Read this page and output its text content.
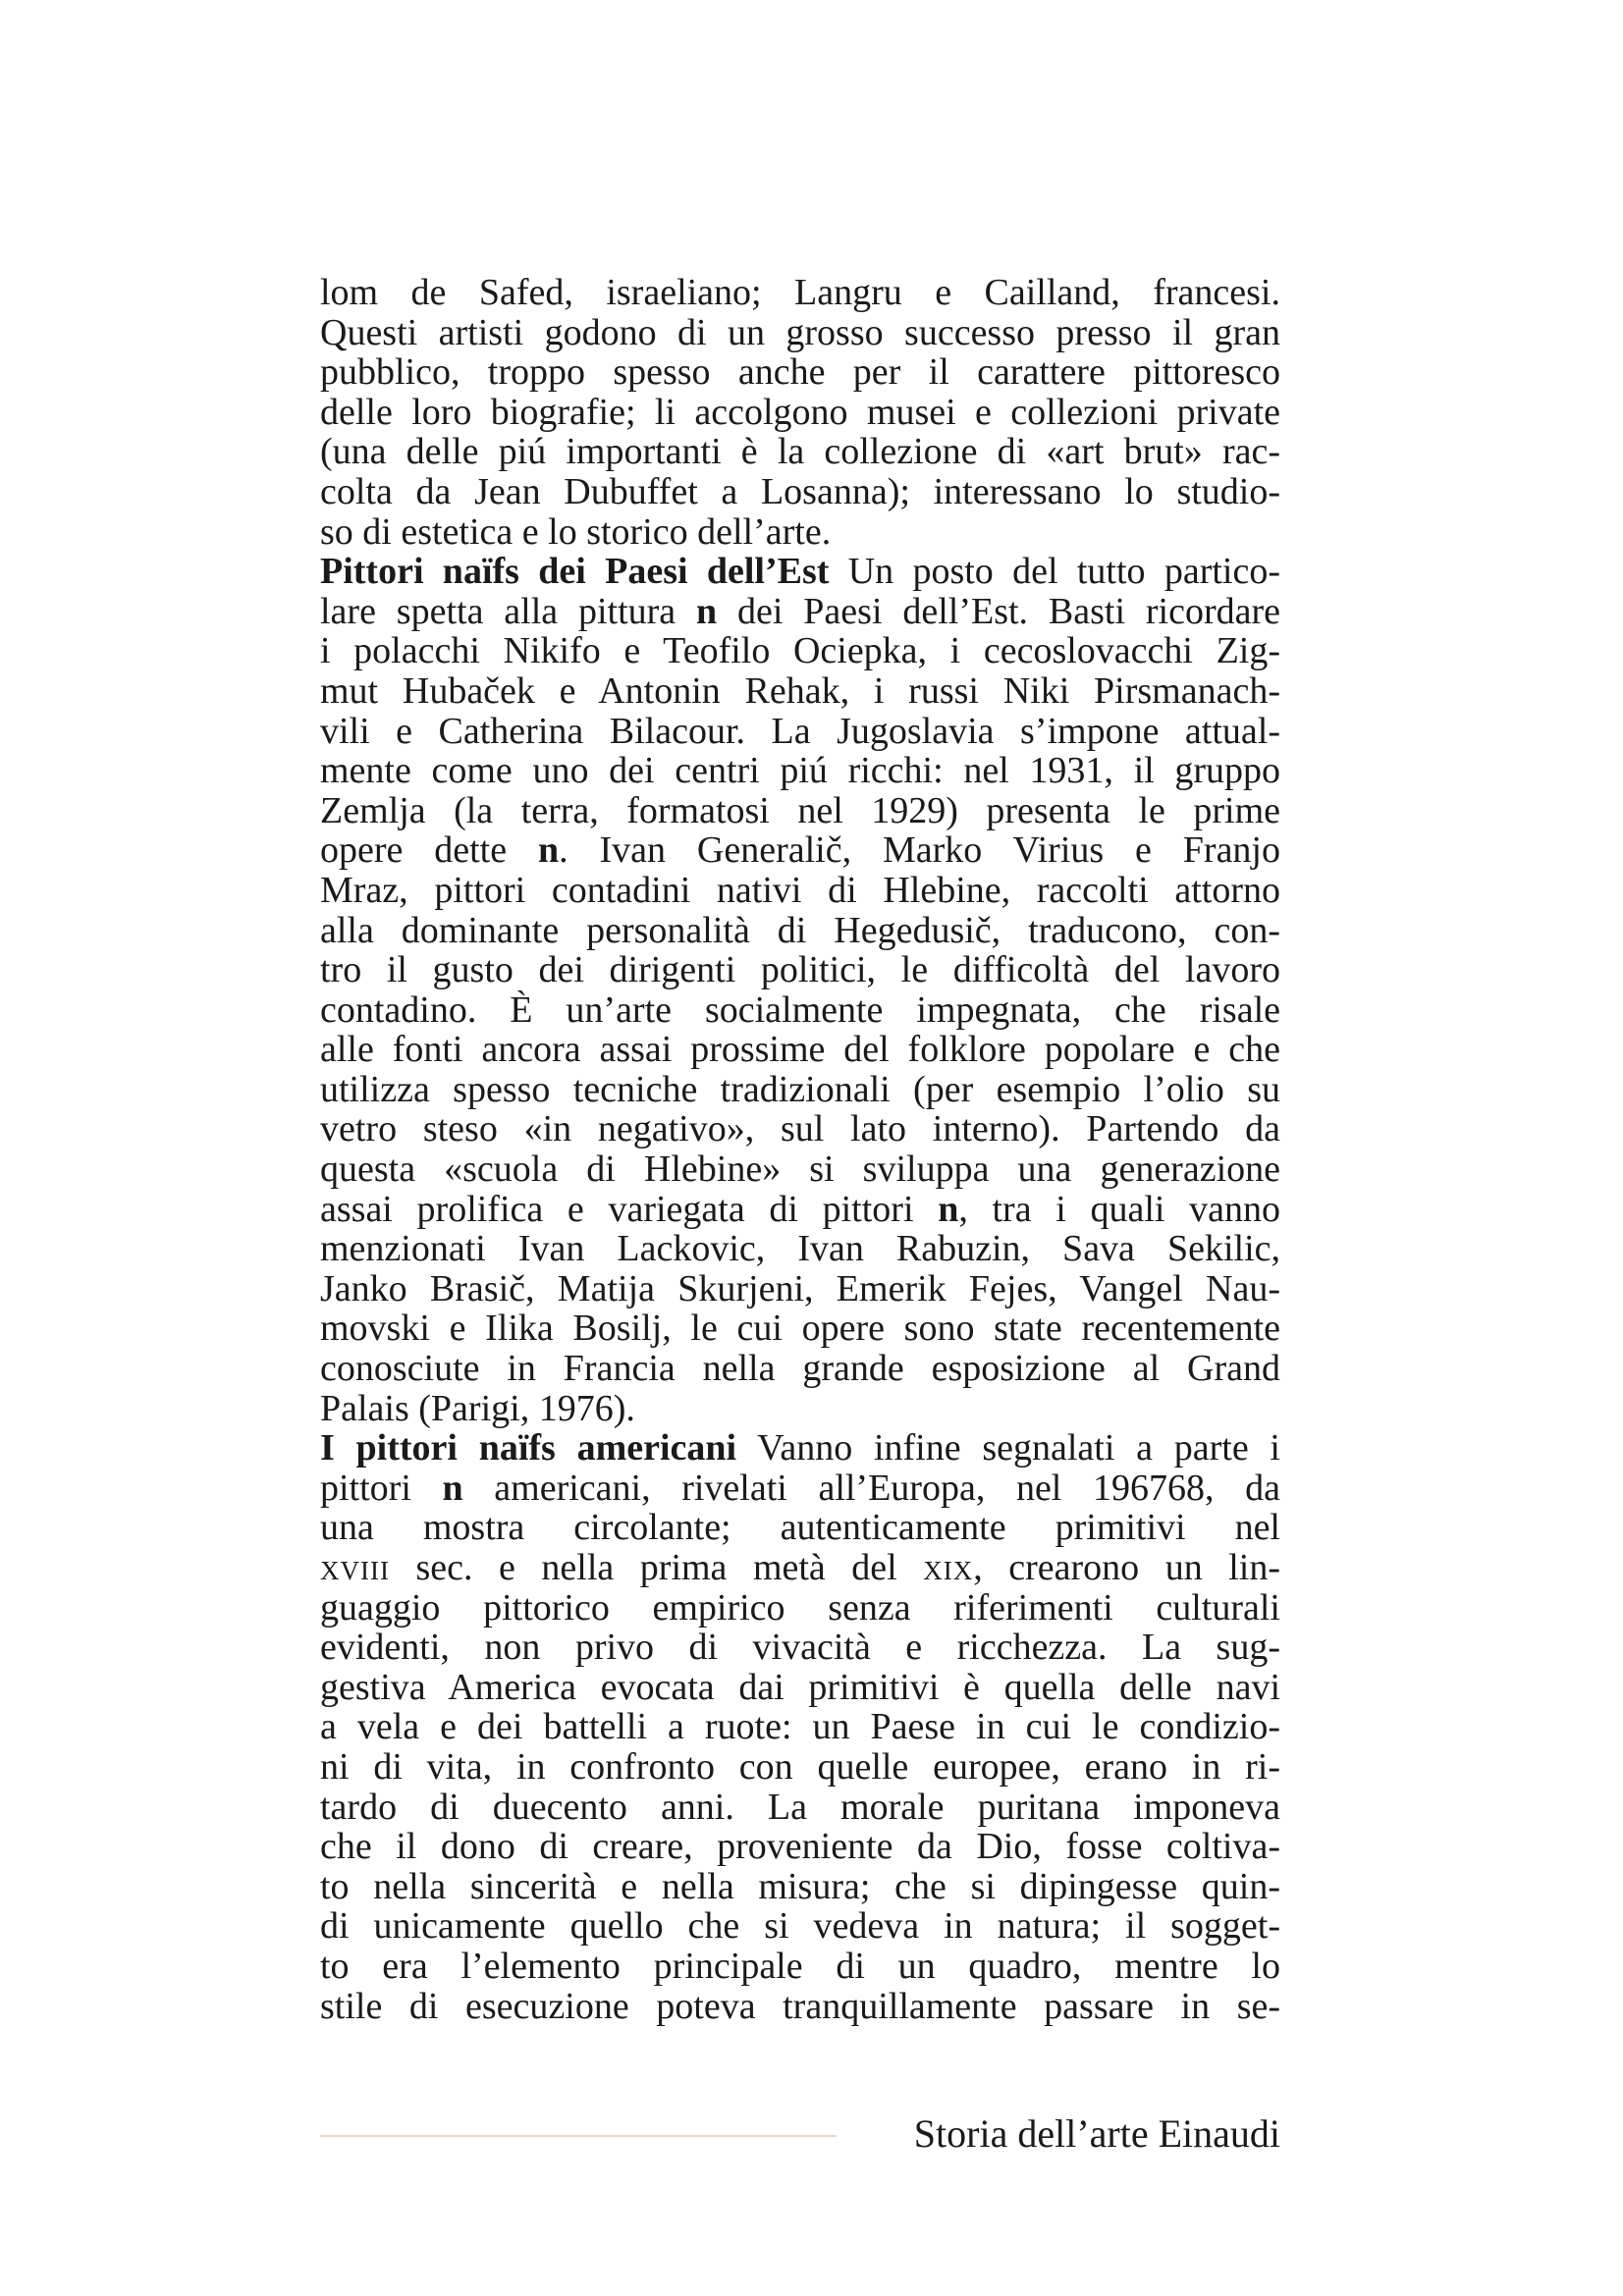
lom de Safed, israeliano; Langru e Cailland, francesi.
Questi artisti godono di un grosso successo presso il gran
pubblico, troppo spesso anche per il carattere pittoresco
delle loro biografie; li accolgono musei e collezioni private
(una delle piú importanti è la collezione di «art brut» rac-
colta da Jean Dubuffet a Losanna); interessano lo studio-
so di estetica e lo storico dell’arte.
Pittori naïfs dei Paesi dell’Est Un posto del tutto partico-
lare spetta alla pittura n dei Paesi dell’Est. Basti ricordare
i polacchi Nikifo e Teofilo Ociepka, i cecoslovacchi Zig-
mut Hubaček e Antonin Rehak, i russi Niki Pirsmanach-
vili e Catherina Bilacour. La Jugoslavia s’impone attual-
mente come uno dei centri piú ricchi: nel 1931, il gruppo
Zemlja (la terra, formatosi nel 1929) presenta le prime
opere dette n. Ivan Generalič, Marko Virius e Franjo
Mraz, pittori contadini nativi di Hlebine, raccolti attorno
alla dominante personalità di Hegedusič, traducono, con-
tro il gusto dei dirigenti politici, le difficoltà del lavoro
contadino. È un’arte socialmente impegnata, che risale
alle fonti ancora assai prossime del folklore popolare e che
utilizza spesso tecniche tradizionali (per esempio l’olio su
vetro steso «in negativo», sul lato interno). Partendo da
questa «scuola di Hlebine» si sviluppa una generazione
assai prolifica e variegata di pittori n, tra i quali vanno
menzionati Ivan Lackovic, Ivan Rabuzin, Sava Sekilic,
Janko Brasič, Matija Skurjeni, Emerik Fejes, Vangel Nau-
movski e Ilika Bosilj, le cui opere sono state recentemente
conosciute in Francia nella grande esposizione al Grand
Palais (Parigi, 1976).
I pittori naïfs americani Vanno infine segnalati a parte i
pittori n americani, rivelati all’Europa, nel 196768, da
una mostra circolante; autenticamente primitivi nel
xviii sec. e nella prima metà del xix, crearono un lin-
guaggio pittorico empirico senza riferimenti culturali
evidenti, non privo di vivacità e ricchezza. La sug-
gestiva America evocata dai primitivi è quella delle navi
a vela e dei battelli a ruote: un Paese in cui le condizio-
ni di vita, in confronto con quelle europee, erano in ri-
tardo di duecento anni. La morale puritana imponeva
che il dono di creare, proveniente da Dio, fosse coltiva-
to nella sincerità e nella misura; che si dipingesse quin-
di unicamente quello che si vedeva in natura; il sogget-
to era l’elemento principale di un quadro, mentre lo
stile di esecuzione poteva tranquillamente passare in se-
Storia dell’arte Einaudi
